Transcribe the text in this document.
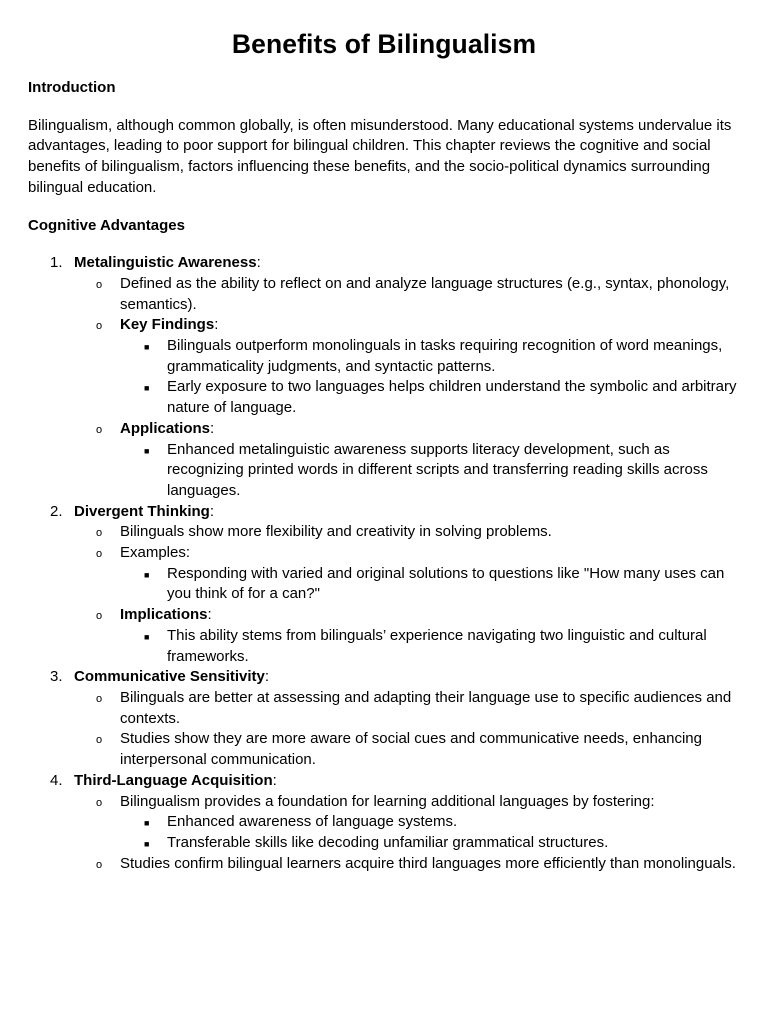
Benefits of Bilingualism

Introduction

Bilingualism, although common globally, is often misunderstood. Many educational systems undervalue its advantages, leading to poor support for bilingual children. This chapter reviews the cognitive and social benefits of bilingualism, factors influencing these benefits, and the socio-political dynamics surrounding bilingual education.

Cognitive Advantages

1. Metalinguistic Awareness:
o Defined as the ability to reflect on and analyze language structures (e.g., syntax, phonology, semantics).
o Key Findings:
■ Bilinguals outperform monolinguals in tasks requiring recognition of word meanings, grammaticality judgments, and syntactic patterns.
■ Early exposure to two languages helps children understand the symbolic and arbitrary nature of language.
o Applications:
■ Enhanced metalinguistic awareness supports literacy development, such as recognizing printed words in different scripts and transferring reading skills across languages.
2. Divergent Thinking:
o Bilinguals show more flexibility and creativity in solving problems.
o Examples:
■ Responding with varied and original solutions to questions like "How many uses can you think of for a can?"
o Implications:
■ This ability stems from bilinguals’ experience navigating two linguistic and cultural frameworks.
3. Communicative Sensitivity:
o Bilinguals are better at assessing and adapting their language use to specific audiences and contexts.
o Studies show they are more aware of social cues and communicative needs, enhancing interpersonal communication.
4. Third-Language Acquisition:
o Bilingualism provides a foundation for learning additional languages by fostering:
■ Enhanced awareness of language systems.
■ Transferable skills like decoding unfamiliar grammatical structures.
o Studies confirm bilingual learners acquire third languages more efficiently than monolinguals.
